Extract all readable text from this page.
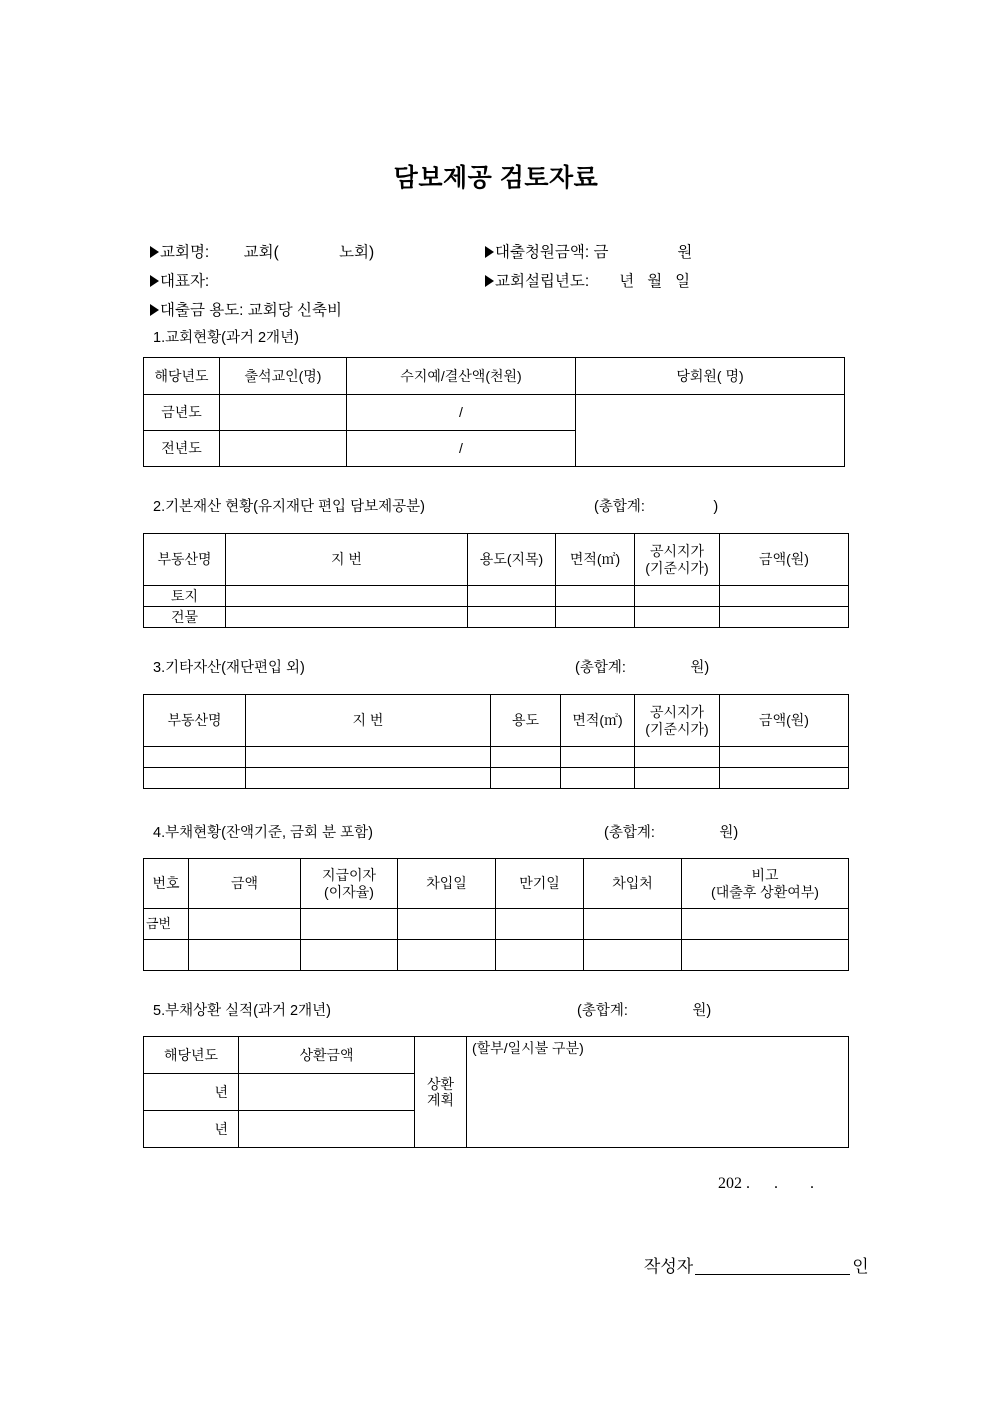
담보제공 검토자료
교회명:        교회(              노회)
대표자:
대출금 용도: 교회당 신축비
대출청원금액: 금                원
교회설립년도:       년   월   일
1.교회현황(과거 2개년)
해당년도	출석교인(명)	수지예/결산액(천원)	당회원( 명)
금년도		/	
전년도		/	
2.기본재산 현황(유지재단 편입 담보제공분)	(총합계:                 )
부동산명	지 번	용도(지목)	면적(㎡)	공시지가
(기준시가)	금액(원)
토지					
건물					
3.기타자산(재단편입 외)	(총합계:                원)
부동산명	지 번	용도	면적(㎡)	공시지가
(기준시가)	금액(원)

4.부채현황(잔액기준, 금회 분 포함)	(총합계:                원)
번호	금액	지급이자
(이자율)	차입일	만기일	차입처	비고
(대출후 상환여부)

금번						

5.부채상환 실적(과거 2개년)	(총합계:                원)
해당년도	상환금액	상환
계획	(할부/일시불 구분)
년			
년			
202 .      .        .

작성자	인
